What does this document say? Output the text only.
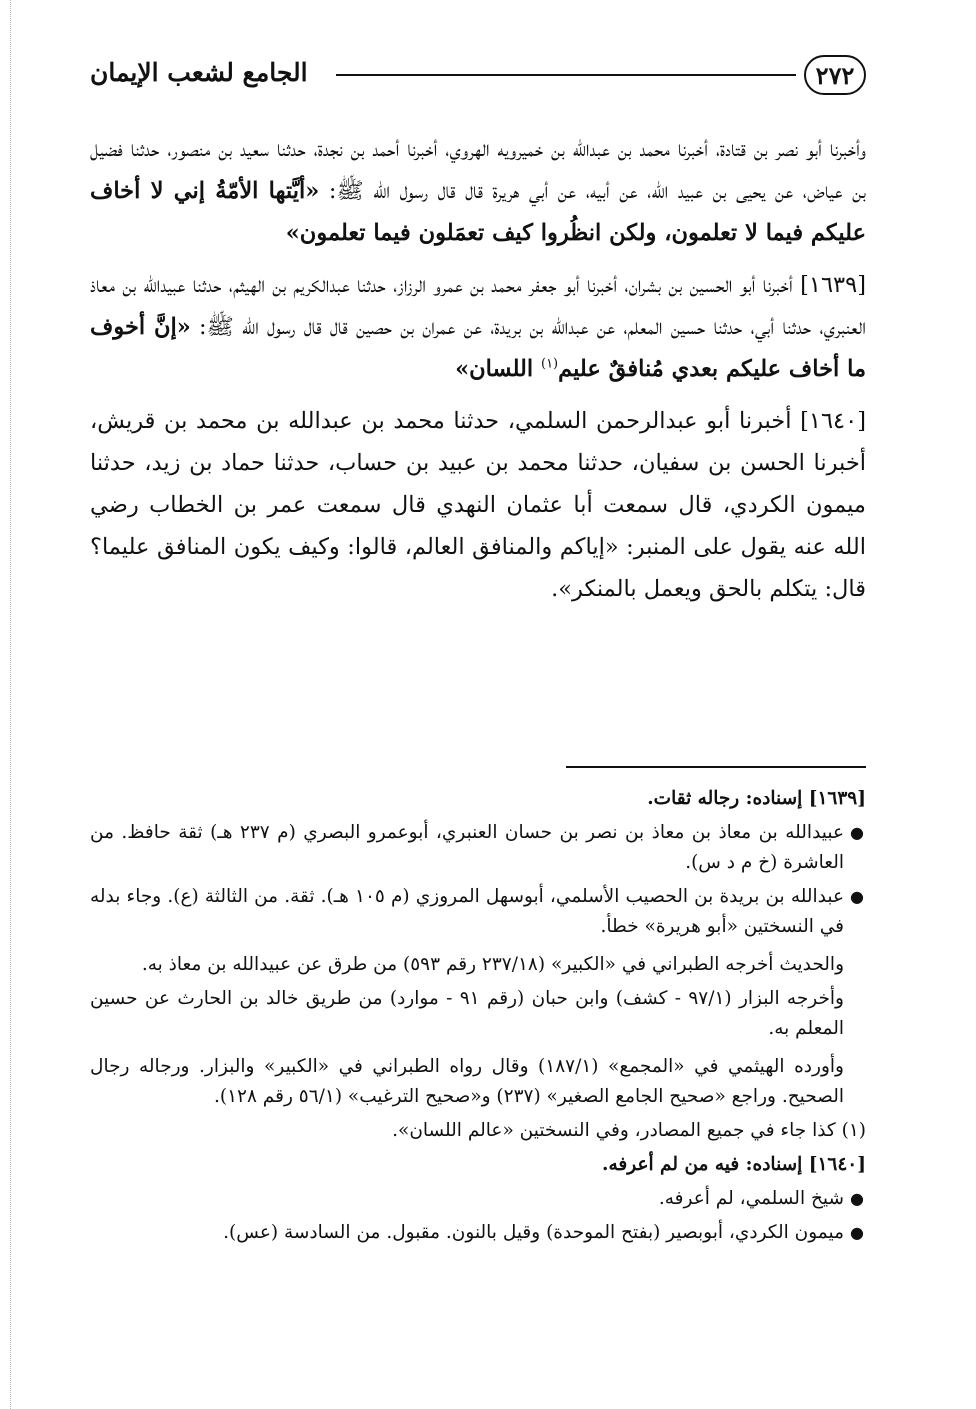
٢٧٢
الجامع لشعب الإيمان

وأخبرنا أبو نصر بن قتادة، أخبرنا محمد بن عبدالله بن خميرويه الهروي، أخبرنا أحمد بن نجدة، حدثنا سعيد بن منصور، حدثنا فضيل بن عياض، عن يحيى بن عبيد الله، عن أبيه، عن أبي هريرة قال قال رسول الله ﷺ: «أيَّتها الأمّةُ إني لا أخاف عليكم فيما لا تعلمون، ولكن انظُروا كيف تعمَلون فيما تعلمون»

[١٦٣٩] أخبرنا أبو الحسين بن بشران، أخبرنا أبو جعفر محمد بن عمرو الرزاز، حدثنا عبدالكريم بن الهيثم، حدثنا عبيدالله بن معاذ العنبري، حدثنا أبي، حدثنا حسين المعلم، عن عبدالله بن بريدة، عن عمران بن حصين قال قال رسول الله ﷺ: «إنَّ أخوف ما أخاف عليكم بعدي مُنافقٌ عليم$^{(١)}$ اللسان»

[١٦٤٠] أخبرنا أبو عبدالرحمن السلمي، حدثنا محمد بن عبدالله بن محمد بن قريش، أخبرنا الحسن بن سفيان، حدثنا محمد بن عبيد بن حساب، حدثنا حماد بن زيد، حدثنا ميمون الكردي، قال سمعت أبا عثمان النهدي قال سمعت عمر بن الخطاب رضي الله عنه يقول على المنبر: «إياكم والمنافق العالم، قالوا: وكيف يكون المنافق عليما؟ قال: يتكلم بالحق ويعمل بالمنكر».

[١٦٣٩] إسناده: رجاله ثقات.

●
عبيدالله بن معاذ بن معاذ بن نصر بن حسان العنبري، أبوعمرو البصري (م ٢٣٧ هـ) ثقة حافظ. من العاشرة (خ م د س).

●
عبدالله بن بريدة بن الحصيب الأسلمي، أبوسهل المروزي (م ١٠٥ هـ). ثقة. من الثالثة (ع). وجاء بدله في النسختين «أبو هريرة» خطأ.

والحديث أخرجه الطبراني في «الكبير» (٢٣٧/١٨ رقم ٥٩٣) من طرق عن عبيدالله بن معاذ به.

وأخرجه البزار (٩٧/١ - كشف) وابن حبان (رقم ٩١ - موارد) من طريق خالد بن الحارث عن حسين المعلم به.

وأورده الهيثمي في «المجمع» (١٨٧/١) وقال رواه الطبراني في «الكبير» والبزار. ورجاله رجال الصحيح. وراجع «صحيح الجامع الصغير» (٢٣٧) و«صحيح الترغيب» (٥٦/١ رقم ١٢٨).

(١) كذا جاء في جميع المصادر، وفي النسختين «عالم اللسان».

[١٦٤٠] إسناده: فيه من لم أعرفه.

●
شيخ السلمي، لم أعرفه.

●
ميمون الكردي، أبوبصير (بفتح الموحدة) وقيل بالنون. مقبول. من السادسة (عس).
